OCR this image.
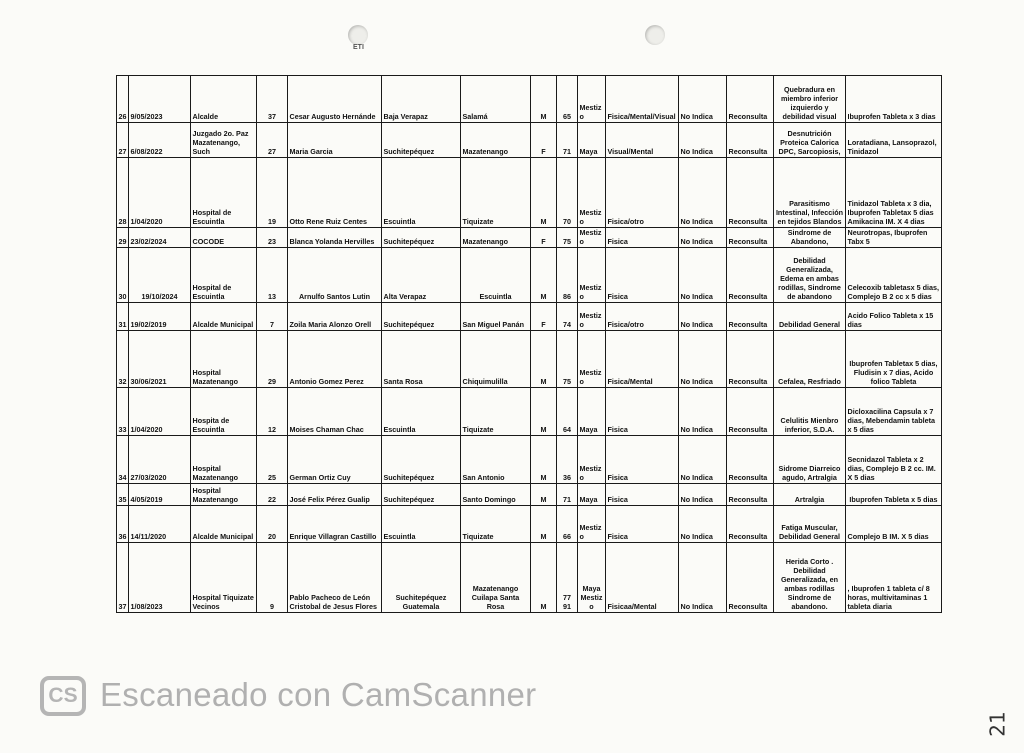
ETI
26	9/05/2023	Alcalde	37	Cesar Augusto Hernánde	Baja Verapaz	Salamá	M	65	Mestizo	Fisica/Mental/Visual	No Indica	Reconsulta	Quebradura en miembro inferior izquierdo y debilidad visual	Ibuprofen Tableta x 3 dias
27	6/08/2022	Juzgado 2o. Paz Mazatenango, Such	27	Maria Garcia	Suchitepéquez	Mazatenango	F	71	Maya	Visual/Mental	No Indica	Reconsulta	Desnutrición Proteica Calorica DPC, Sarcopiosis,	Loratadiana, Lansoprazol, Tinidazol
28	1/04/2020	Hospital de Escuintla	19	Otto Rene Ruiz Centes	Escuintla	Tiquizate	M	70	Mestizo	Fisica/otro	No Indica	Reconsulta	Parasitismo Intestinal, Infección en tejidos Blandos	Tinidazol Tableta x 3 dia, Ibuprofen Tabletax 5 dias Amikacina IM. X 4 dias
29	23/02/2024	COCODE	23	Blanca Yolanda Hervilles	Suchitepéquez	Mazatenango	F	75	Mestizo	Fisica	No Indica	Reconsulta	Sindrome de Abandono,	Neurotropas, Ibuprofen Tabx 5
30	19/10/2024	Hospital de Escuintla	13	Arnulfo Santos Lutin	Alta Verapaz	Escuintla	M	86	Mestizo	Fisica	No Indica	Reconsulta	Debilidad Generalizada, Edema en ambas rodillas, Sindrome de abandono	Celecoxib tabletasx 5 dias, Complejo B 2 cc x 5 dias
31	19/02/2019	Alcalde Municipal	7	Zoila Maria Alonzo Orell	Suchitepéquez	San Miguel Panán	F	74	Mestizo	Fisica/otro	No Indica	Reconsulta	Debilidad General	Acido Folico Tableta x 15 dias
32	30/06/2021	Hospital Mazatenango	29	Antonio Gomez Perez	Santa Rosa	Chiquimulilla	M	75	Mestizo	Fisica/Mental	No Indica	Reconsulta	Cefalea, Resfriado	Ibuprofen Tabletax 5 dias, Fludisin x 7 dias, Acido folico Tableta
33	1/04/2020	Hospita de Escuintla	12	Moises Chaman Chac	Escuintla	Tiquizate	M	64	Maya	Fisica	No Indica	Reconsulta	Celulitis Mienbro inferior, S.D.A.	Dicloxacilina Capsula x 7 dias, Mebendamin tableta x 5 dias
34	27/03/2020	Hospital Mazatenango	25	German Ortiz Cuy	Suchitepéquez	San Antonio	M	36	Mestizo	Fisica	No Indica	Reconsulta	Sidrome Diarreico agudo, Artralgia	Secnidazol Tableta x 2 dias, Complejo B 2 cc. IM. X 5 dias
35	4/05/2019	Hospital Mazatenango	22	José Felix Pérez Gualip	Suchitepéquez	Santo Domingo	M	71	Maya	Fisica	No Indica	Reconsulta	Artralgia	Ibuprofen Tableta x 5 dias
36	14/11/2020	Alcalde Municipal	20	Enrique Villagran Castillo	Escuintla	Tiquizate	M	66	Mestizo	Fisica	No Indica	Reconsulta	Fatiga Muscular, Debilidad General	Complejo B IM. X 5 dias
37	1/08/2023	Hospital Tiquizate Vecinos	9	Pablo Pacheco de León Cristobal de Jesus Flores	Suchitepéquez Guatemala	Mazatenango Cuilapa Santa Rosa	M	77 91	Maya Mestizo	Fisicaa/Mental	No Indica	Reconsulta	Herida Corto . Debilidad Generalizada, en ambas rodillas Sindrome de abandono.	, Ibuprofen 1 tableta c/ 8 horas, multivitaminas 1 tableta diaria
CS Escaneado con CamScanner
21
